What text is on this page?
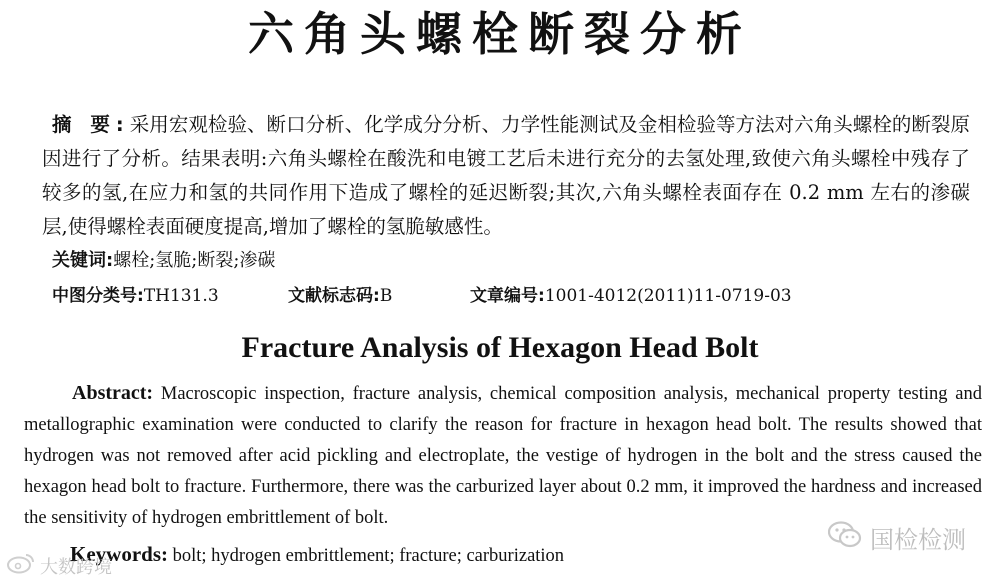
六角头螺栓断裂分析
摘 要:采用宏观检验、断口分析、化学成分分析、力学性能测试及金相检验等方法对六角头螺栓的断裂原因进行了分析。结果表明:六角头螺栓在酸洗和电镀工艺后未进行充分的去氢处理,致使六角头螺栓中残存了较多的氢,在应力和氢的共同作用下造成了螺栓的延迟断裂;其次,六角头螺栓表面存在 0.2 mm 左右的渗碳层,使得螺栓表面硬度提高,增加了螺栓的氢脆敏感性。
关键词:螺栓;氢脆;断裂;渗碳
中图分类号:TH131.3	文献标志码:B	文章编号:1001-4012(2011)11-0719-03
Fracture Analysis of Hexagon Head Bolt
Abstract: Macroscopic inspection, fracture analysis, chemical composition analysis, mechanical property testing and metallographic examination were conducted to clarify the reason for fracture in hexagon head bolt. The results showed that hydrogen was not removed after acid pickling and electroplate, the vestige of hydrogen in the bolt and the stress caused the hexagon head bolt to fracture. Furthermore, there was the carburized layer about 0.2 mm, it improved the hardness and increased the sensitivity of hydrogen embrittlement of bolt.
Keywords: bolt; hydrogen embrittlement; fracture; carburization
国检检测
大数跨境
